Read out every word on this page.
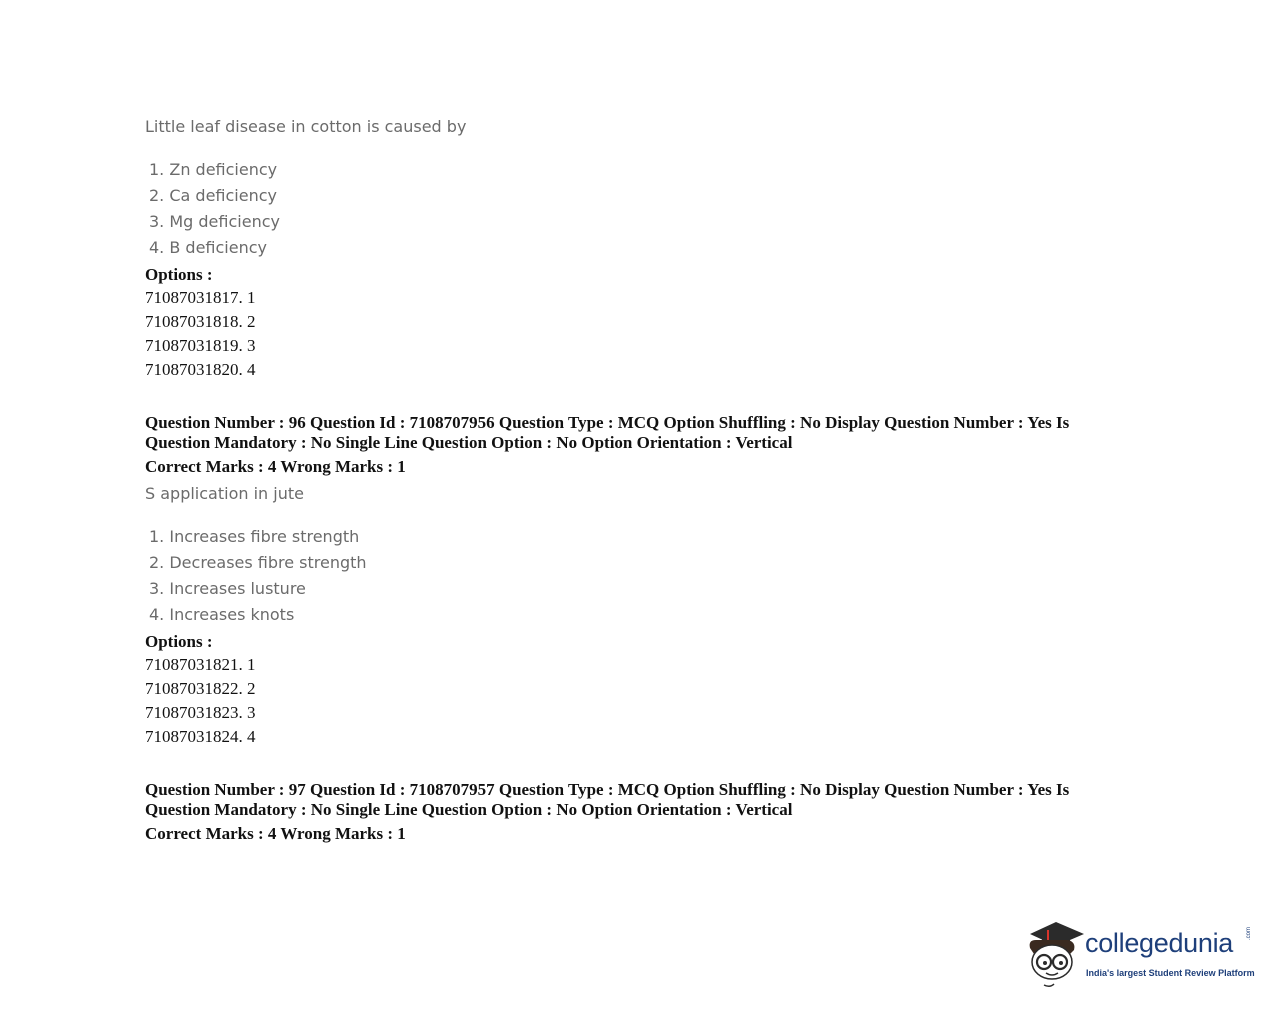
Little leaf disease in cotton is caused by
1. Zn deficiency
2. Ca deficiency
3. Mg deficiency
4. B deficiency
Options :
71087031817. 1
71087031818. 2
71087031819. 3
71087031820. 4
Question Number : 96 Question Id : 7108707956 Question Type : MCQ Option Shuffling : No Display Question Number : Yes Is Question Mandatory : No Single Line Question Option : No Option Orientation : Vertical
Correct Marks : 4 Wrong Marks : 1
S application in jute
1. Increases fibre strength
2. Decreases fibre strength
3. Increases lusture
4. Increases knots
Options :
71087031821. 1
71087031822. 2
71087031823. 3
71087031824. 4
Question Number : 97 Question Id : 7108707957 Question Type : MCQ Option Shuffling : No Display Question Number : Yes Is Question Mandatory : No Single Line Question Option : No Option Orientation : Vertical
Correct Marks : 4 Wrong Marks : 1
collegedunia .com
India's largest Student Review Platform
